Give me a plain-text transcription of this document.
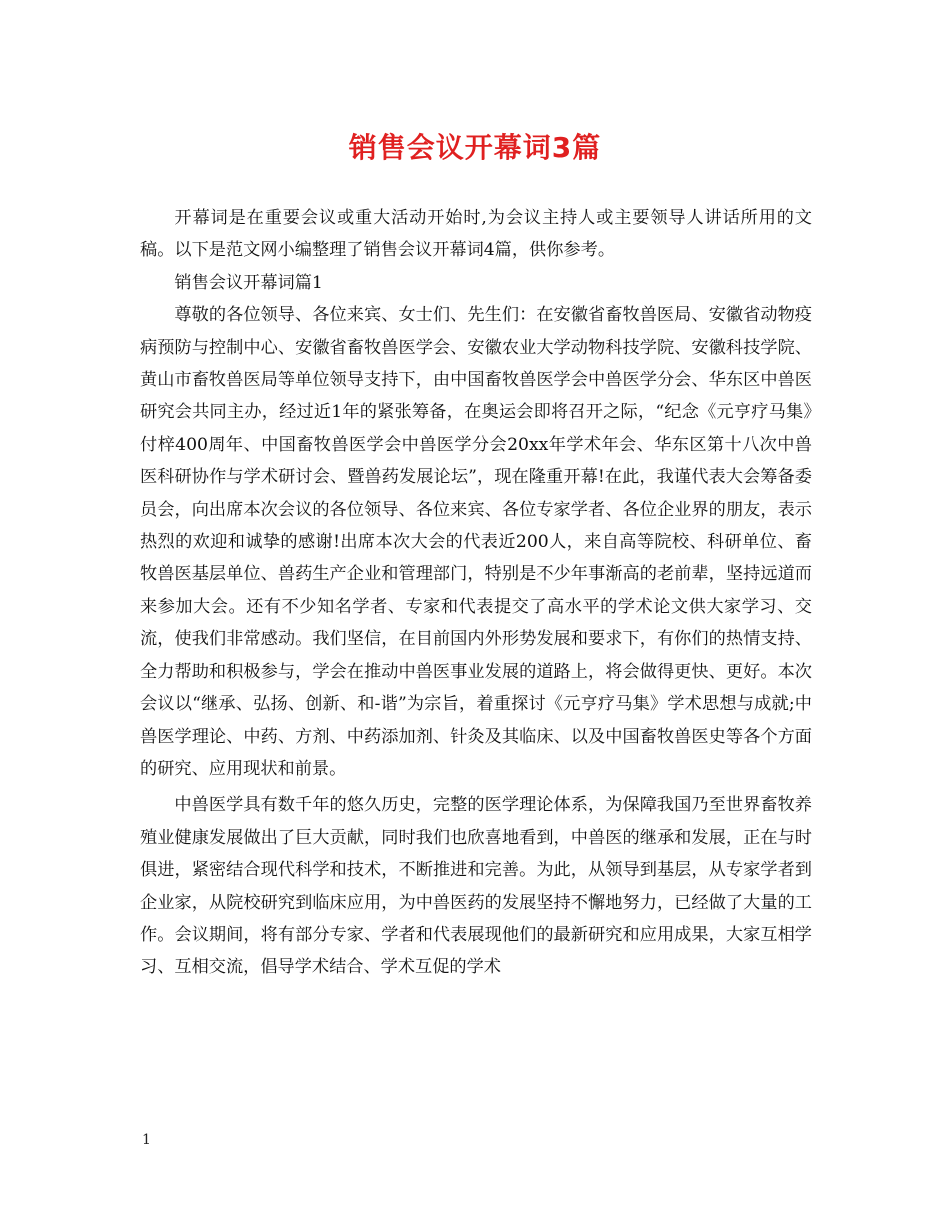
销售会议开幕词3篇

开幕词是在重要会议或重大活动开始时,为会议主持人或主要领导人讲话所用的文稿。以下是范文网小编整理了销售会议开幕词4篇，供你参考。

销售会议开幕词篇1

尊敬的各位领导、各位来宾、女士们、先生们：在安徽省畜牧兽医局、安徽省动物疫病预防与控制中心、安徽省畜牧兽医学会、安徽农业大学动物科技学院、安徽科技学院、黄山市畜牧兽医局等单位领导支持下，由中国畜牧兽医学会中兽医学分会、华东区中兽医研究会共同主办，经过近1年的紧张筹备，在奥运会即将召开之际，“纪念《元亨疗马集》付梓400周年、中国畜牧兽医学会中兽医学分会20xx年学术年会、华东区第十八次中兽医科研协作与学术研讨会、暨兽药发展论坛”，现在隆重开幕!在此，我谨代表大会筹备委员会，向出席本次会议的各位领导、各位来宾、各位专家学者、各位企业界的朋友，表示热烈的欢迎和诚挚的感谢!出席本次大会的代表近200人，来自高等院校、科研单位、畜牧兽医基层单位、兽药生产企业和管理部门，特别是不少年事渐高的老前辈，坚持远道而来参加大会。还有不少知名学者、专家和代表提交了高水平的学术论文供大家学习、交流，使我们非常感动。我们坚信，在目前国内外形势发展和要求下，有你们的热情支持、全力帮助和积极参与，学会在推动中兽医事业发展的道路上，将会做得更快、更好。本次会议以“继承、弘扬、创新、和-谐”为宗旨，着重探讨《元亨疗马集》学术思想与成就;中兽医学理论、中药、方剂、中药添加剂、针灸及其临床、以及中国畜牧兽医史等各个方面的研究、应用现状和前景。

中兽医学具有数千年的悠久历史，完整的医学理论体系，为保障我国乃至世界畜牧养殖业健康发展做出了巨大贡献，同时我们也欣喜地看到，中兽医的继承和发展，正在与时俱进，紧密结合现代科学和技术，不断推进和完善。为此，从领导到基层，从专家学者到企业家，从院校研究到临床应用，为中兽医药的发展坚持不懈地努力，已经做了大量的工作。会议期间，将有部分专家、学者和代表展现他们的最新研究和应用成果，大家互相学习、互相交流，倡导学术结合、学术互促的学术

1
